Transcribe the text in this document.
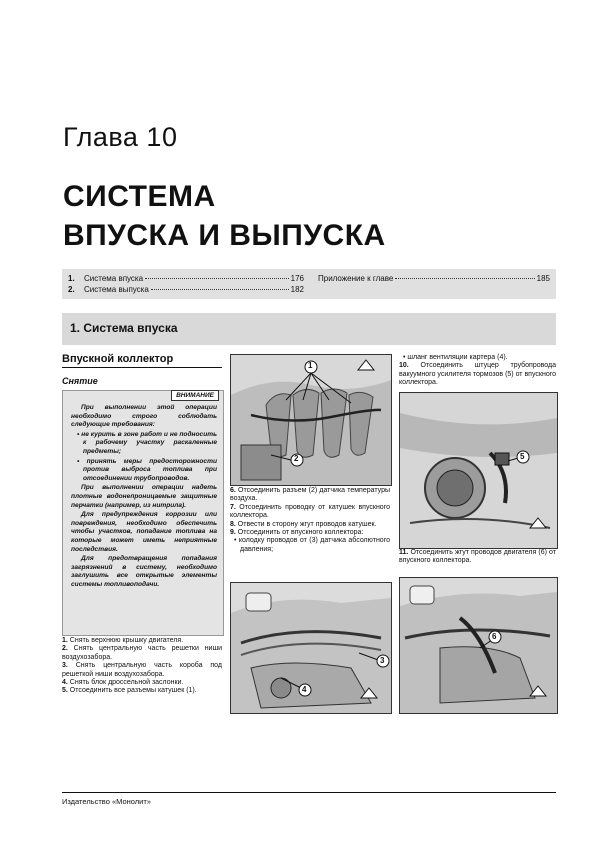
Глава 10
СИСТЕМА
ВПУСКА И ВЫПУСКА
1.	Система впуска	176
2.	Система выпуска	182
Приложение к главе	185
1. Система впуска
Впускной коллектор
Снятие
ВНИМАНИЕ

При выполнении этой операции необходимо строго соблюдать следующие требования:

• не курить в зоне работ и не подносить к рабочему участку раскаленные предметы;

• принять меры предосторожности против выброса топлива при отсоединении трубопроводов.

При выполнении операции надеть плотные водонепроницаемые защитные перчатки (например, из нитрила).

Для предупреждения коррозии или повреждения, необходимо обеспечить чтобы участков, попадание топлива на которые может иметь неприятные последствия.

Для предотвращения попадания загрязнений в систему, необходимо заглушить все открытые элементы системы топливоподачи.

1. Снять верхнюю крышку двигателя.

2. Снять центральную часть решетки ниши воздухозабора.

3. Снять центральную часть короба под решеткой ниши воздухозабора.

4. Снять блок дроссельной заслонки.

5. Отсоединить все разъемы катушек (1).

1
2

6. Отсоединить разъем (2) датчика температуры воздуха.

7. Отсоединить проводку от катушек впускного коллектора.

8. Отвести в сторону жгут проводов катушек.

9. Отсоединить от впускного коллектора:

• колодку проводов от (3) датчика абсолютного давления;

3
4

• шланг вентиляции картера (4).

10. Отсоединить штуцер трубопровода вакуумного усилителя тормозов (5) от впускного коллектора.

5

11. Отсоединить жгут проводов двигателя (6) от впускного коллектора.

6
Издательство «Монолит»
